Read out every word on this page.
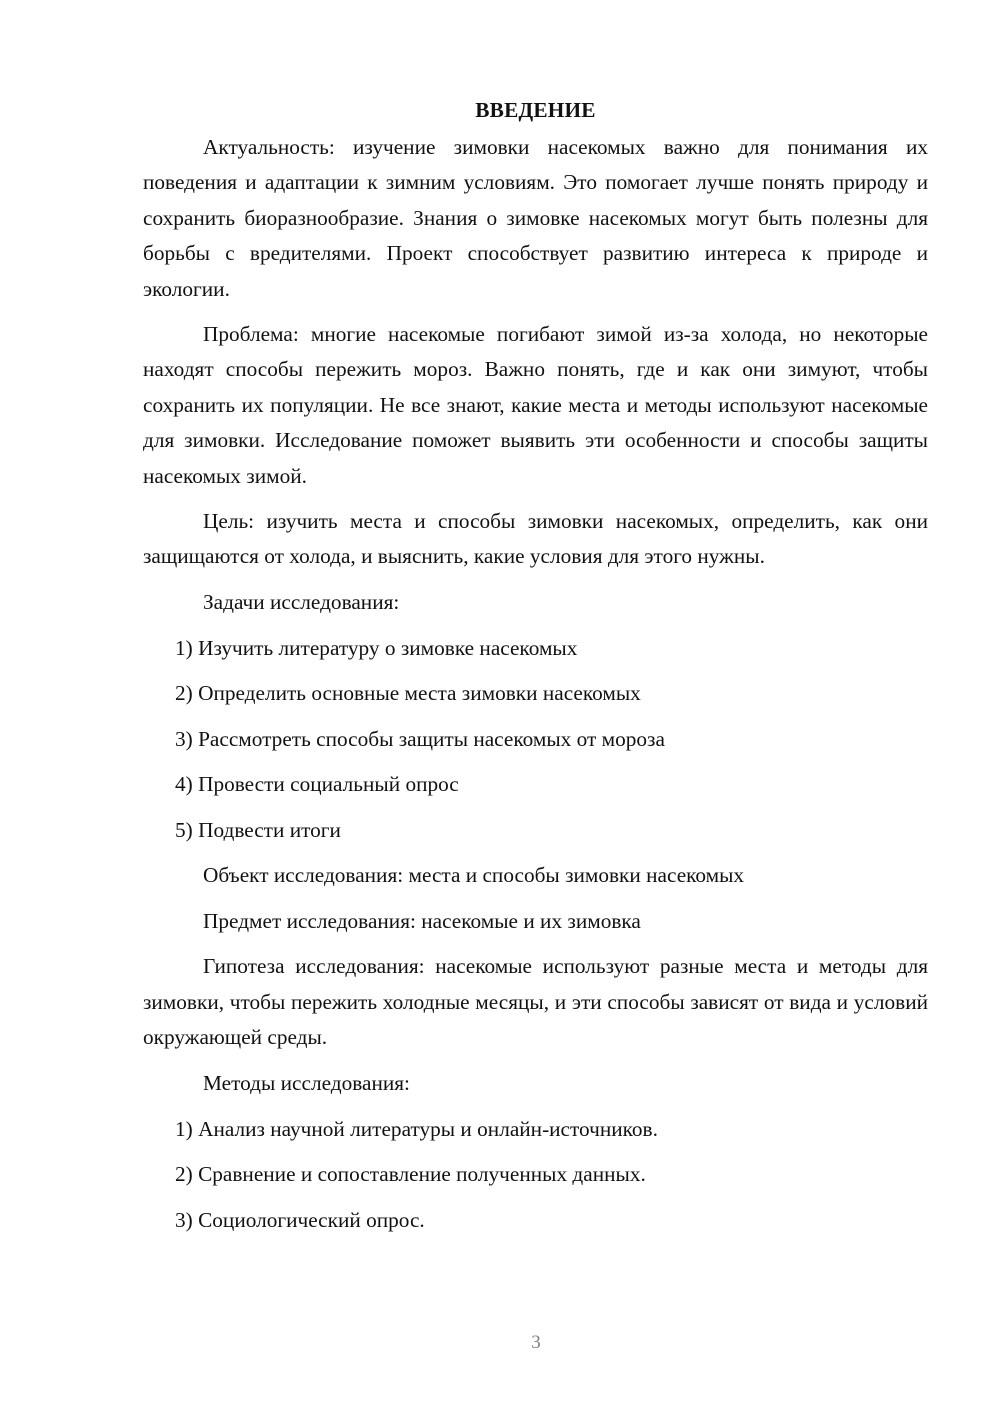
ВВЕДЕНИЕ

Актуальность: изучение зимовки насекомых важно для понимания их поведения и адаптации к зимним условиям. Это помогает лучше понять природу и сохранить биоразнообразие. Знания о зимовке насекомых могут быть полезны для борьбы с вредителями. Проект способствует развитию интереса к природе и экологии.

Проблема: многие насекомые погибают зимой из-за холода, но некоторые находят способы пережить мороз. Важно понять, где и как они зимуют, чтобы сохранить их популяции. Не все знают, какие места и методы используют насекомые для зимовки. Исследование поможет выявить эти особенности и способы защиты насекомых зимой.

Цель: изучить места и способы зимовки насекомых, определить, как они защищаются от холода, и выяснить, какие условия для этого нужны.

Задачи исследования:

1) Изучить литературу о зимовке насекомых

2) Определить основные места зимовки насекомых

3) Рассмотреть способы защиты насекомых от мороза

4) Провести социальный опрос

5) Подвести итоги

Объект исследования: места и способы зимовки насекомых

Предмет исследования: насекомые и их зимовка

Гипотеза исследования: насекомые используют разные места и методы для зимовки, чтобы пережить холодные месяцы, и эти способы зависят от вида и условий окружающей среды.

Методы исследования:

1) Анализ научной литературы и онлайн-источников.

2) Сравнение и сопоставление полученных данных.

3) Социологический опрос.

3
